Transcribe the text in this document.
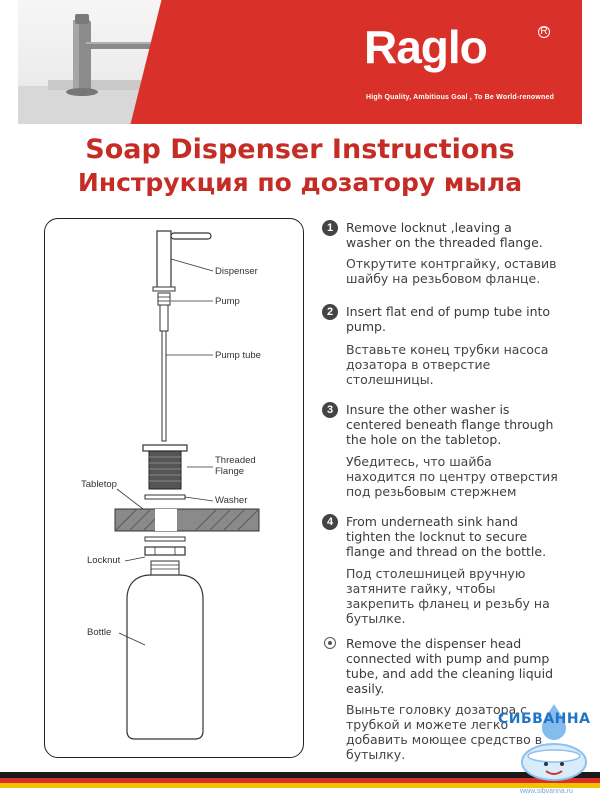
Raglo	R
High Quality, Ambitious Goal , To Be World-renowned
Soap Dispenser Instructions
Инструкция по дозатору мыла
Dispenser
Pump
Pump tube
Threaded Flange
Tabletop
Washer
Locknut
Bottle
1	Remove locknut ,leaving a washer on the threaded flange.
Открутите контргайку, оставив шайбу на резьбовом фланце.
2	Insert flat end of pump tube into pump.
Вставьте конец трубки насоса дозатора в отверстие столешницы.
3	Insure the other washer is centered beneath flange through the hole on the tabletop.
Убедитесь, что шайба находится по центру отверстия под резьбовым стержнем
4	From underneath sink hand tighten the locknut to secure flange and thread on the bottle.
Под столешницей вручную затяните гайку, чтобы закрепить фланец и резьбу на бутылке.
Remove the dispenser head connected with pump and pump tube, and add the cleaning liquid easily.
Выньте головку дозатора с трубкой и можете легко добавить моющее средство в бутылку.
СИБВАННА
www.sibvanna.ru
